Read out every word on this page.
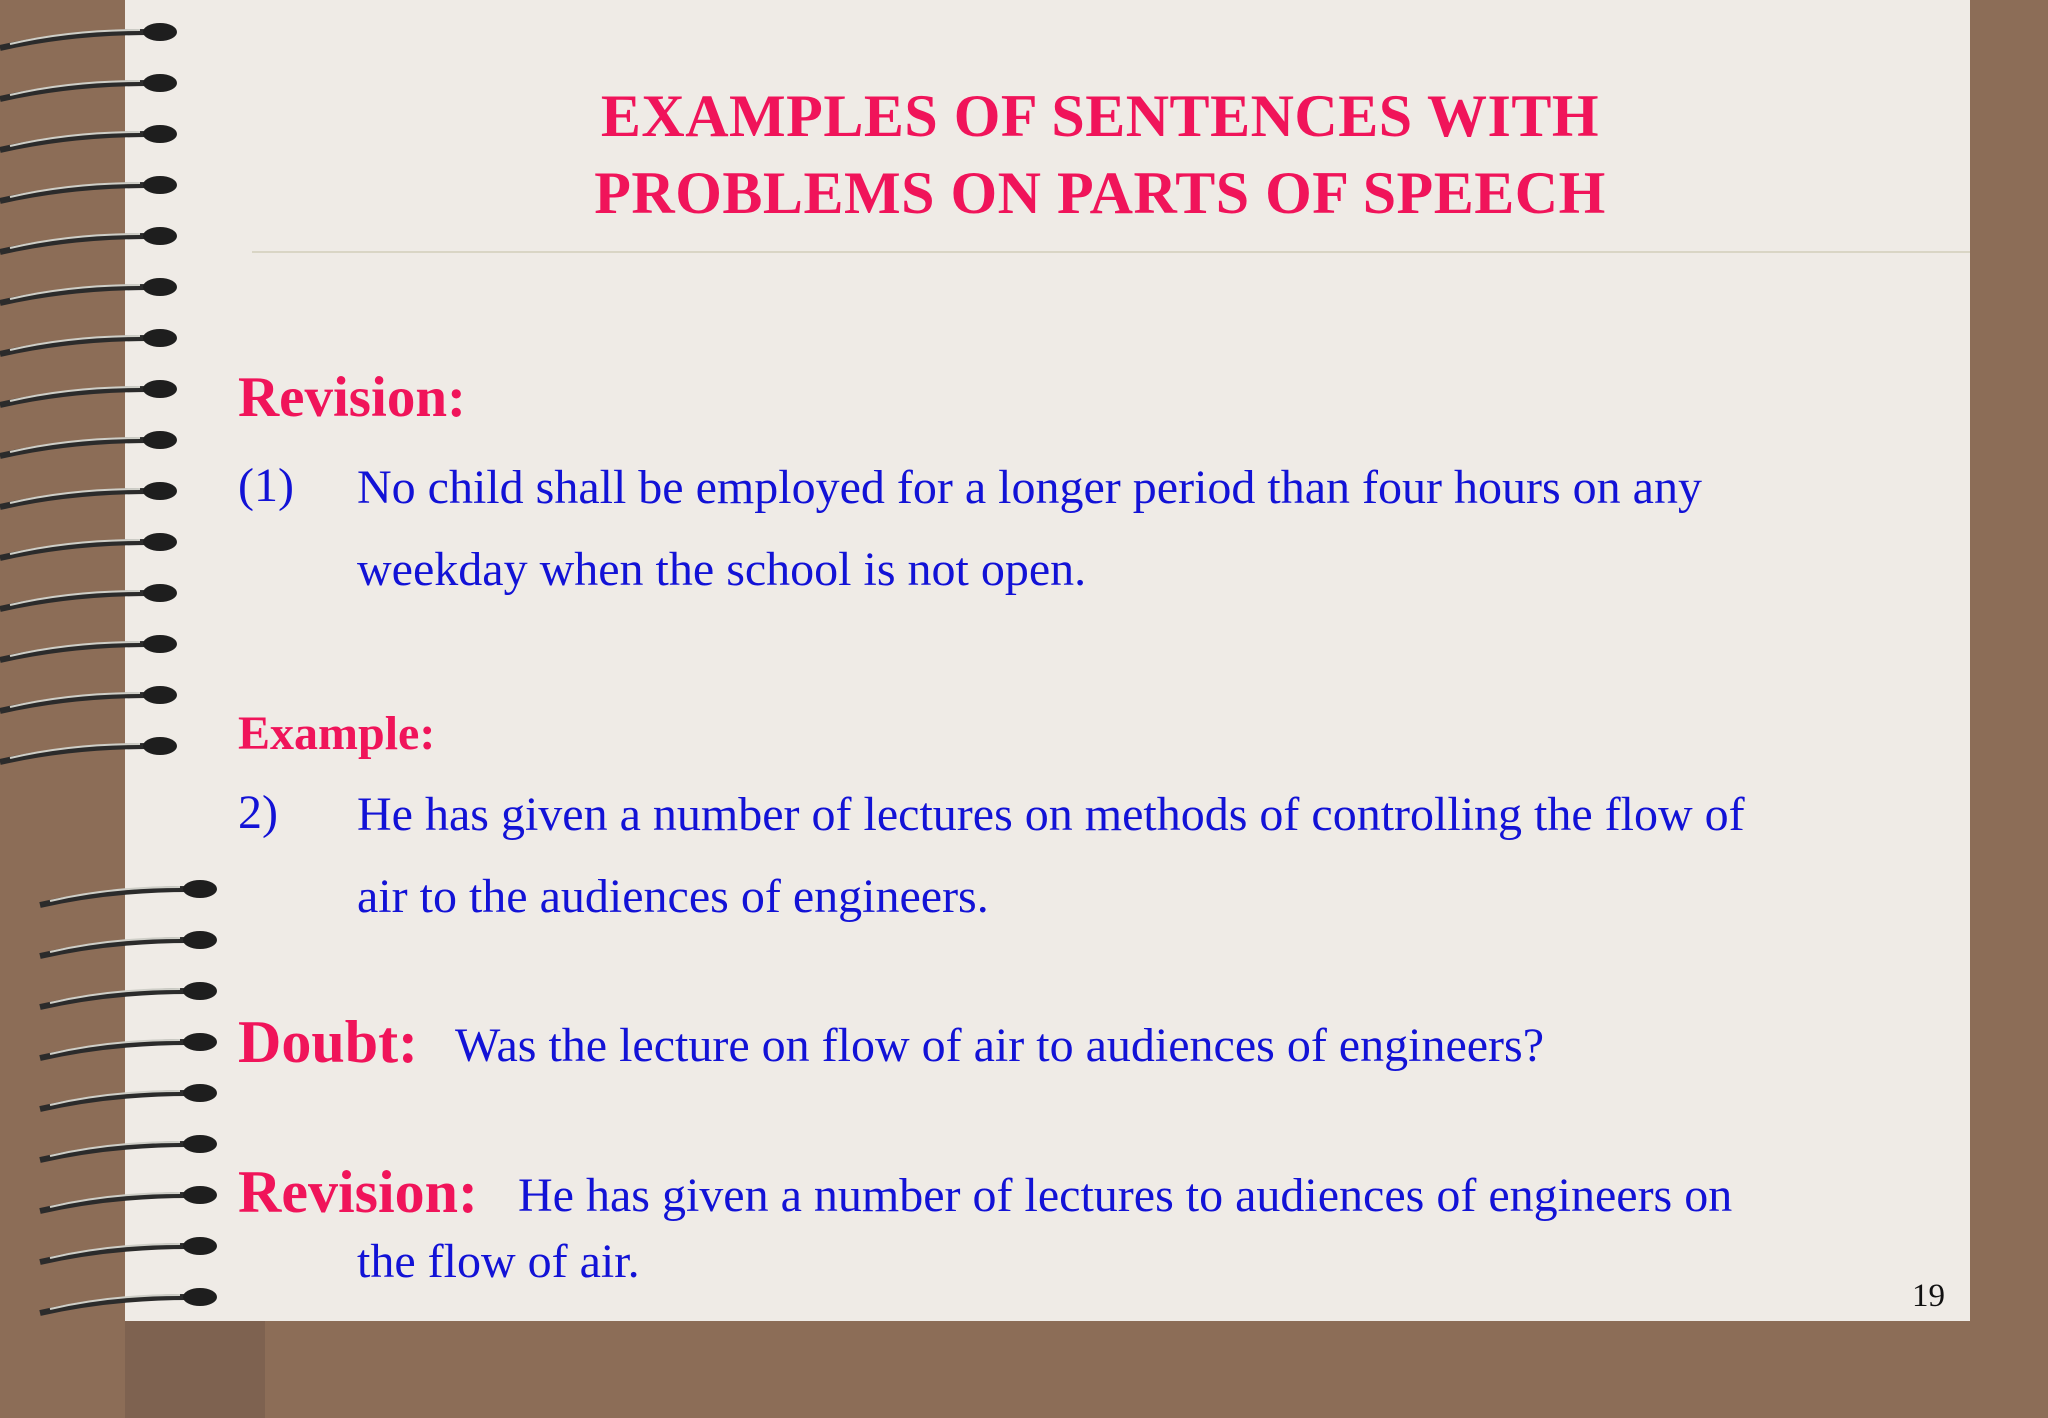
EXAMPLES OF SENTENCES WITH
PROBLEMS ON PARTS OF SPEECH
Revision:
(1) No child shall be employed for a longer period than four hours on any
weekday when the school is not open.
Example:
2) He has given a number of lectures on methods of controlling the flow of
air to the audiences of engineers.
Doubt: Was the lecture on flow of air to audiences of engineers?
Revision: He has given a number of lectures to audiences of engineers on
the flow of air.
19
